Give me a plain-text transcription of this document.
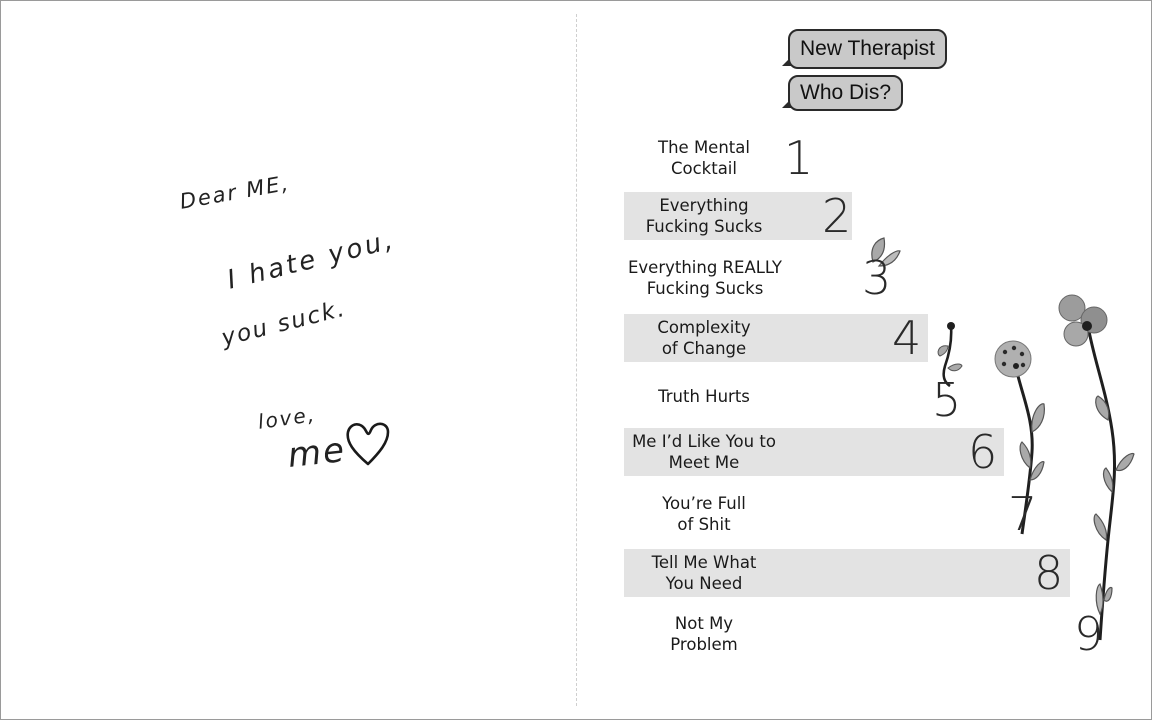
Dear ME,
I hate you,
you suck.
love,
me
New Therapist
Who Dis?
The Mental
Cocktail	1
Everything
Fucking Sucks	2
Everything REALLY
Fucking Sucks	3
Complexity
of Change	4
Truth Hurts	5
Me I’d Like You to
Meet Me	6
You’re Full
of Shit	7
Tell Me What
You Need	8
Not My
Problem	9
